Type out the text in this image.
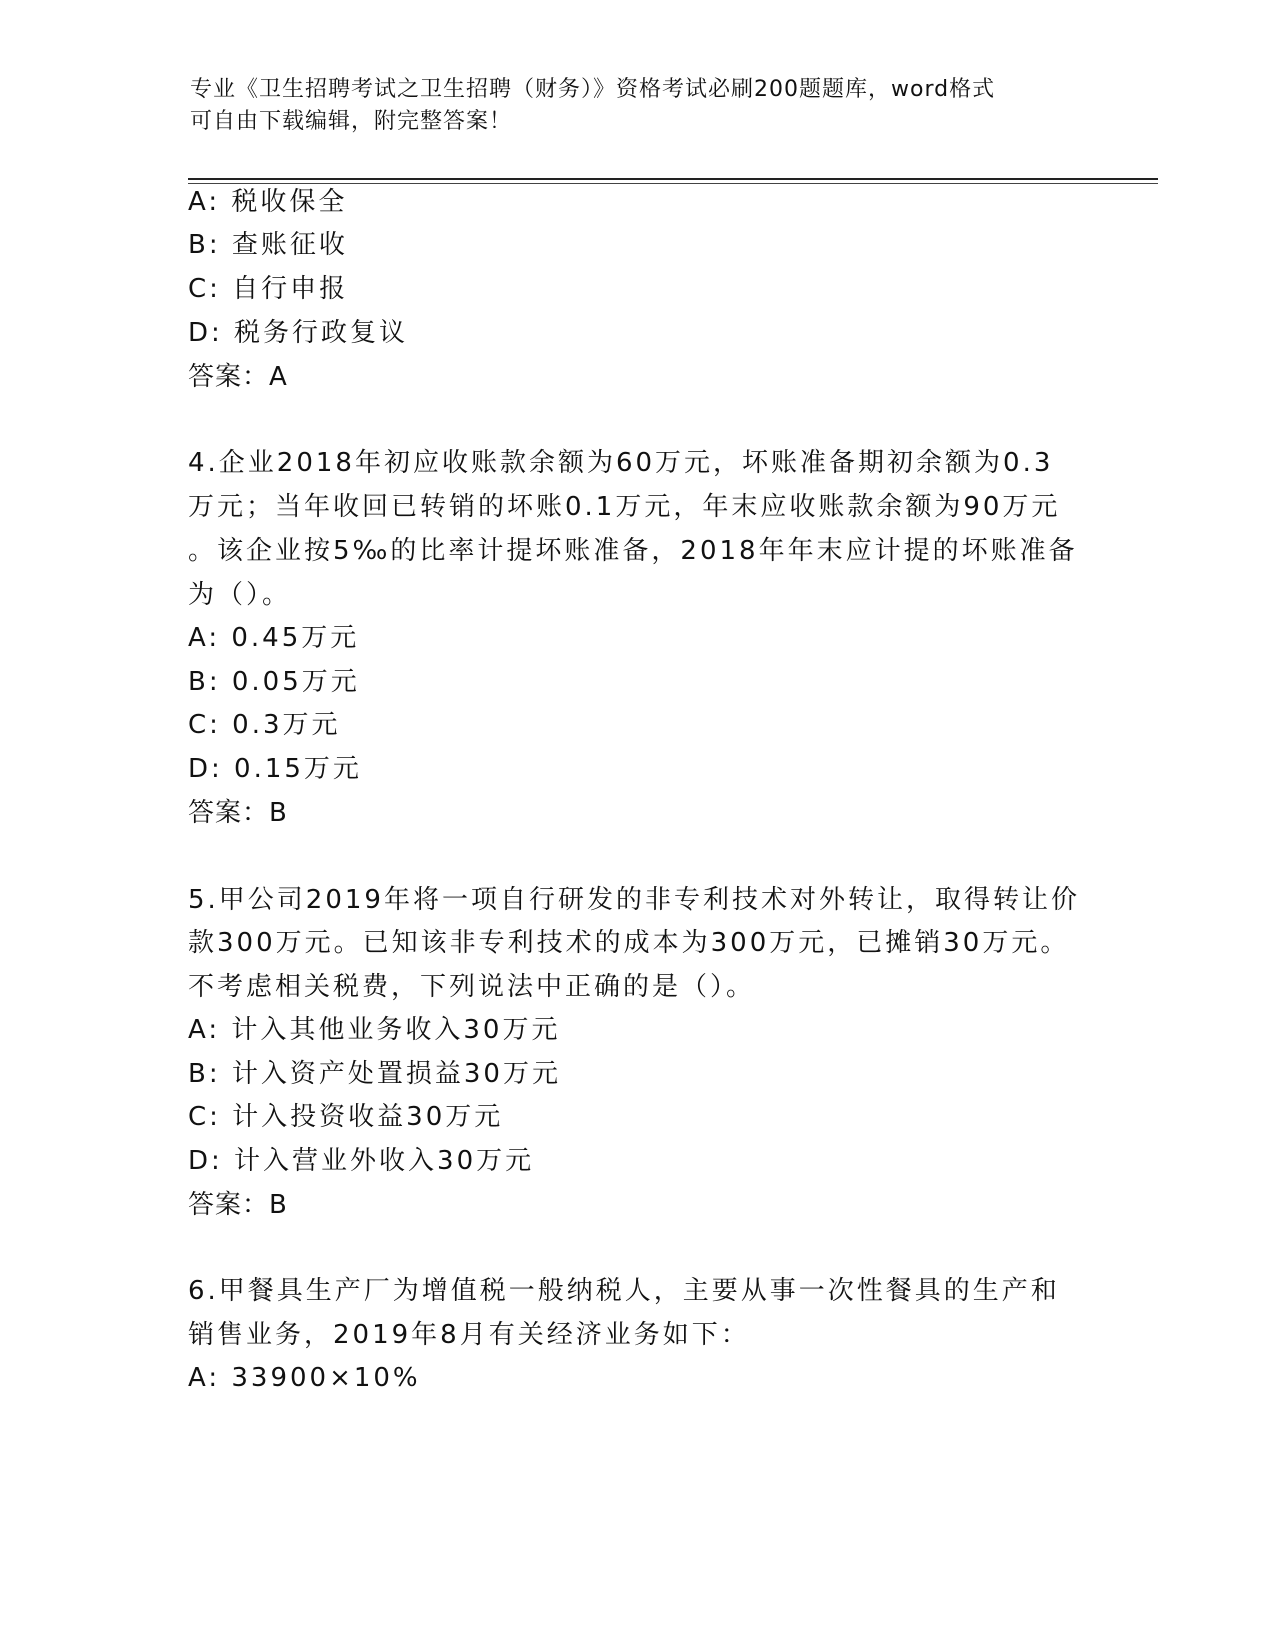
专业《卫生招聘考试之卫生招聘（财务）》资格考试必刷200题题库，word格式
可自由下载编辑，附完整答案！
A: 税收保全
B: 查账征收
C: 自行申报
D: 税务行政复议
答案：A
4.企业2018年初应收账款余额为60万元，坏账准备期初余额为0.3
万元；当年收回已转销的坏账0.1万元，年末应收账款余额为90万元
。该企业按5‰的比率计提坏账准备，2018年年末应计提的坏账准备
为（）。
A: 0.45万元
B: 0.05万元
C: 0.3万元
D: 0.15万元
答案：B
5.甲公司2019年将一项自行研发的非专利技术对外转让，取得转让价
款300万元。已知该非专利技术的成本为300万元，已摊销30万元。
不考虑相关税费，下列说法中正确的是（）。
A: 计入其他业务收入30万元
B: 计入资产处置损益30万元
C: 计入投资收益30万元
D: 计入营业外收入30万元
答案：B
6.甲餐具生产厂为增值税一般纳税人，主要从事一次性餐具的生产和
销售业务，2019年8月有关经济业务如下：
A: 33900×10%
